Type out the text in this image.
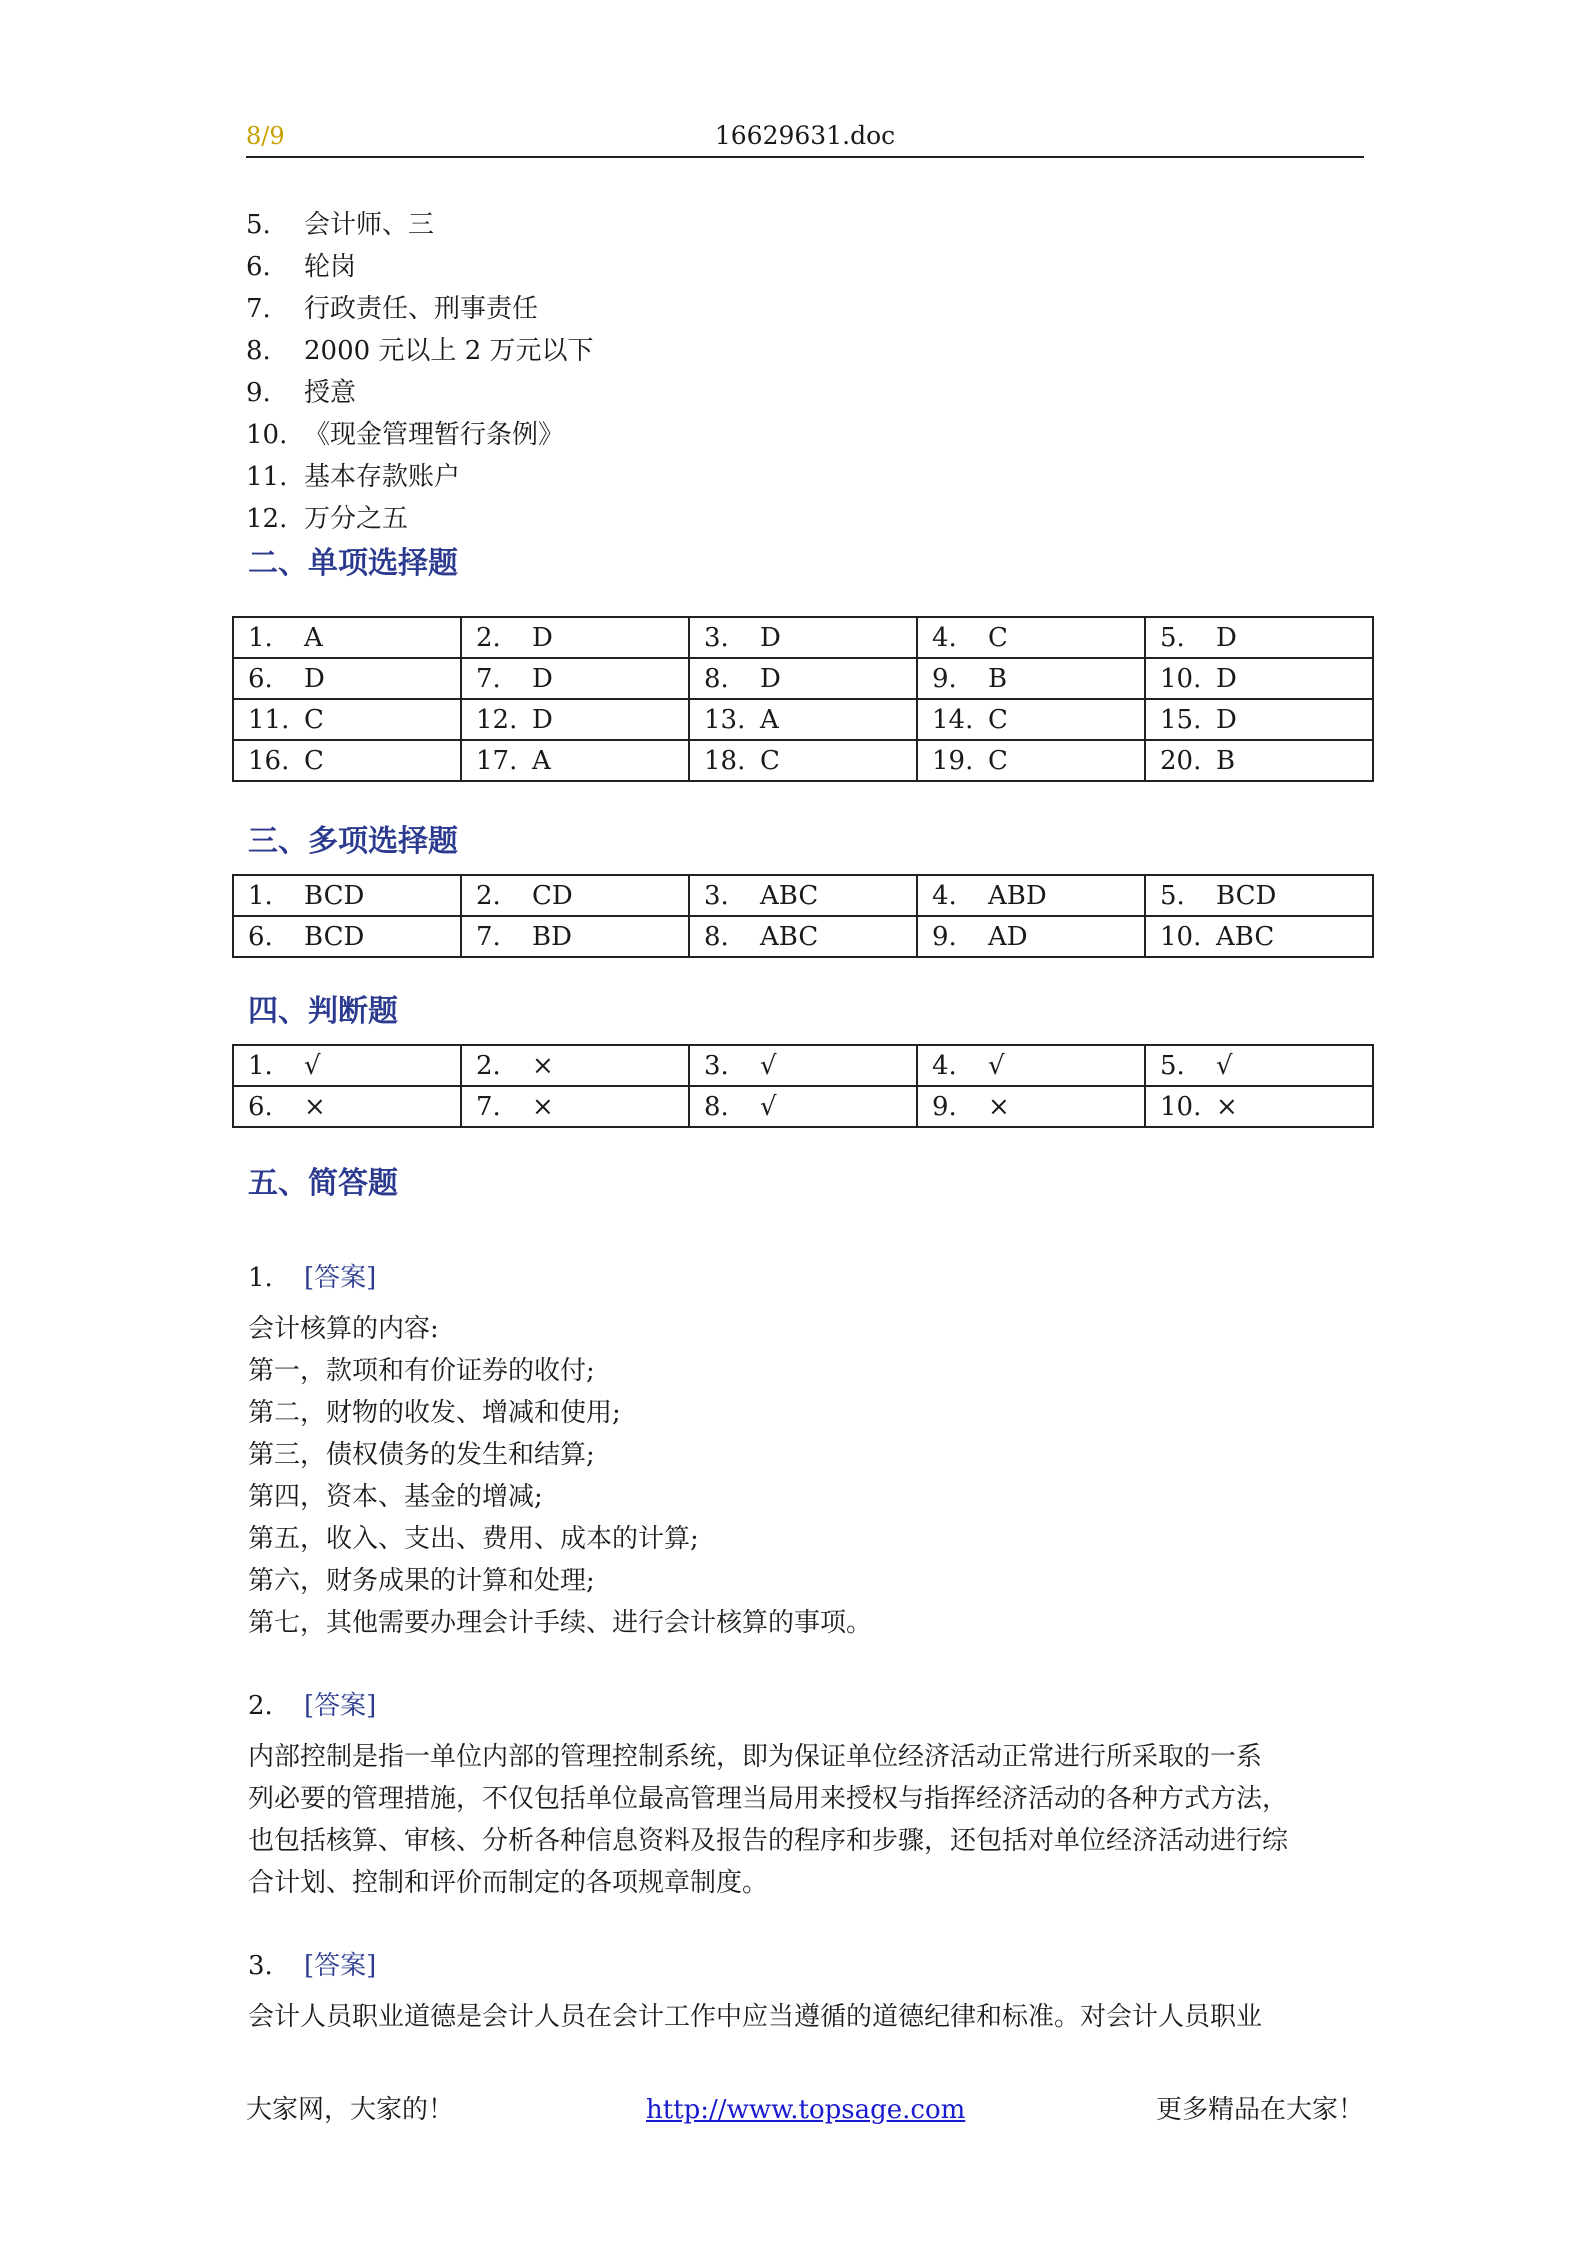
8/9	16629631.doc
5. 会计师、三
6. 轮岗
7. 行政责任、刑事责任
8. 2000 元以上 2 万元以下
9. 授意
10. 《现金管理暂行条例》
11. 基本存款账户
12. 万分之五
二、单项选择题
1. A	2. D	3. D	4. C	5. D
6. D	7. D	8. D	9. B	10. D
11. C	12. D	13. A	14. C	15. D
16. C	17. A	18. C	19. C	20. B
三、多项选择题
1. BCD	2. CD	3. ABC	4. ABD	5. BCD
6. BCD	7. BD	8. ABC	9. AD	10. ABC
四、判断题
1. √	2. ×	3. √	4. √	5. √
6. ×	7. ×	8. √	9. ×	10. ×
五、简答题
1. [答案]
会计核算的内容:
第一，款项和有价证券的收付;
第二，财物的收发、增减和使用;
第三，债权债务的发生和结算;
第四，资本、基金的增减;
第五，收入、支出、费用、成本的计算;
第六，财务成果的计算和处理;
第七，其他需要办理会计手续、进行会计核算的事项。
2. [答案]
内部控制是指一单位内部的管理控制系统，即为保证单位经济活动正常进行所采取的一系
列必要的管理措施，不仅包括单位最高管理当局用来授权与指挥经济活动的各种方式方法，
也包括核算、审核、分析各种信息资料及报告的程序和步骤，还包括对单位经济活动进行综
合计划、控制和评价而制定的各项规章制度。
3. [答案]
会计人员职业道德是会计人员在会计工作中应当遵循的道德纪律和标准。对会计人员职业
大家网，大家的！	http://www.topsage.com	更多精品在大家！
